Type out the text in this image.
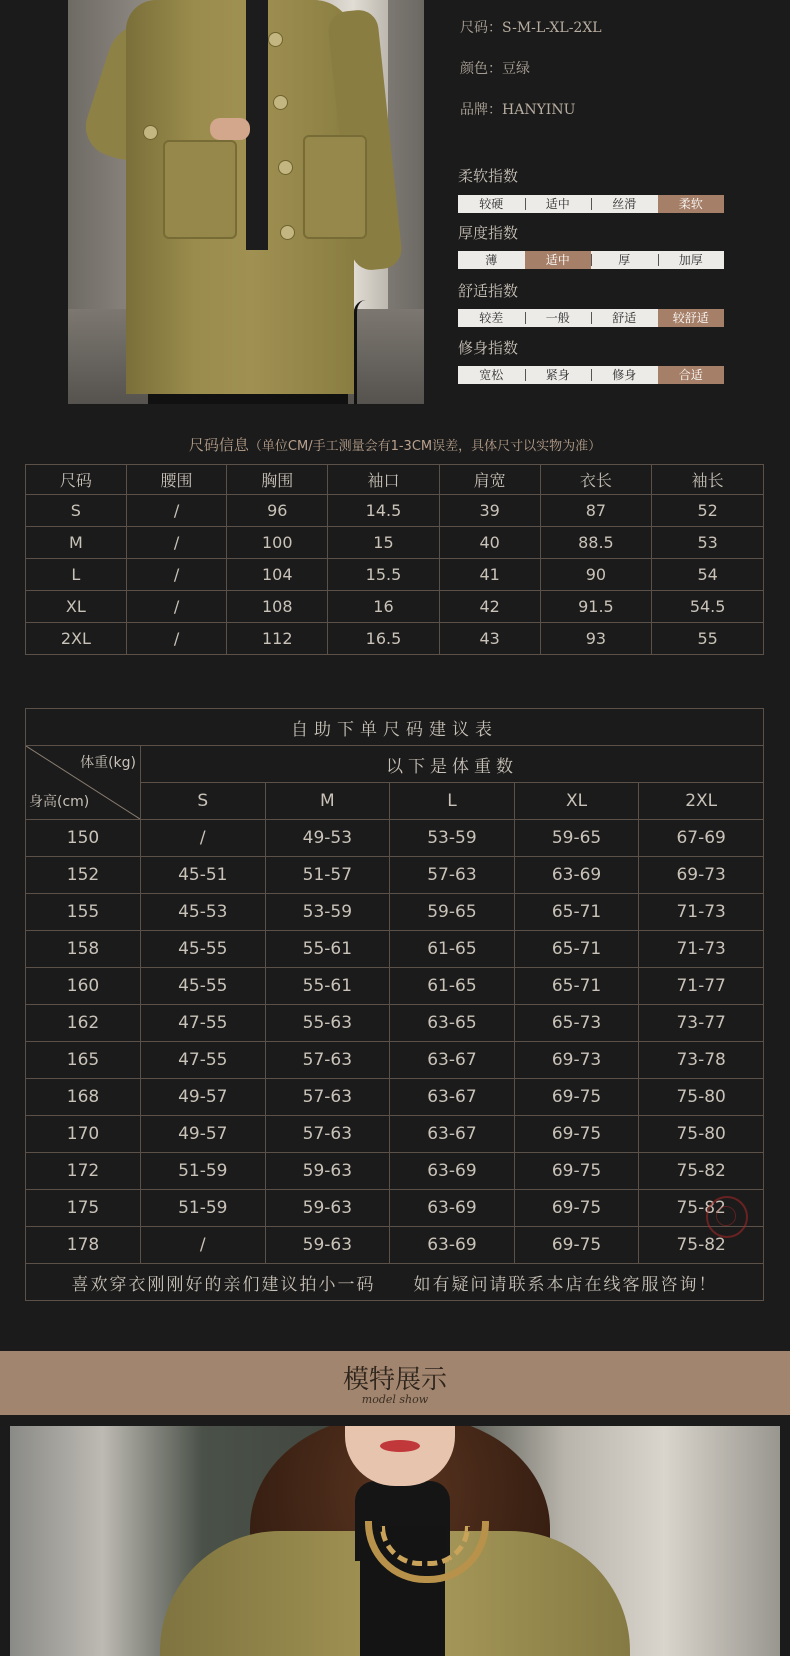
尺码：S-M-L-XL-2XL
颜色：豆绿
品牌：HANYINU
柔软指数
较硬	适中	丝滑	柔软
厚度指数
薄	适中	厚	加厚
舒适指数
较差	一般	舒适	较舒适
修身指数
宽松	紧身	修身	合适
尺码信息（单位CM/手工测量会有1-3CM误差，具体尺寸以实物为准）
尺码	腰围	胸围	袖口	肩宽	衣长	袖长
S	/	96	14.5	39	87	52
M	/	100	15	40	88.5	53
L	/	104	15.5	41	90	54
XL	/	108	16	42	91.5	54.5
2XL	/	112	16.5	43	93	55
自助下单尺码建议表					

体重(kg)
身高(cm)	以下是体重数				
	S	M	L	XL	2XL
150	/	49-53	53-59	59-65	67-69
152	45-51	51-57	57-63	63-69	69-73
155	45-53	53-59	59-65	65-71	71-73
158	45-55	55-61	61-65	65-71	71-73
160	45-55	55-61	61-65	65-71	71-77
162	47-55	55-63	63-65	65-73	73-77
165	47-55	57-63	63-67	69-73	73-78
168	49-57	57-63	63-67	69-75	75-80
170	49-57	57-63	63-67	69-75	75-80
172	51-59	59-63	63-69	69-75	75-82
175	51-59	59-63	63-69	69-75	75-82
178	/	59-63	63-69	69-75	75-82
喜欢穿衣刚刚好的亲们建议拍小一码　　如有疑问请联系本店在线客服咨询！					
模特展示
model show
